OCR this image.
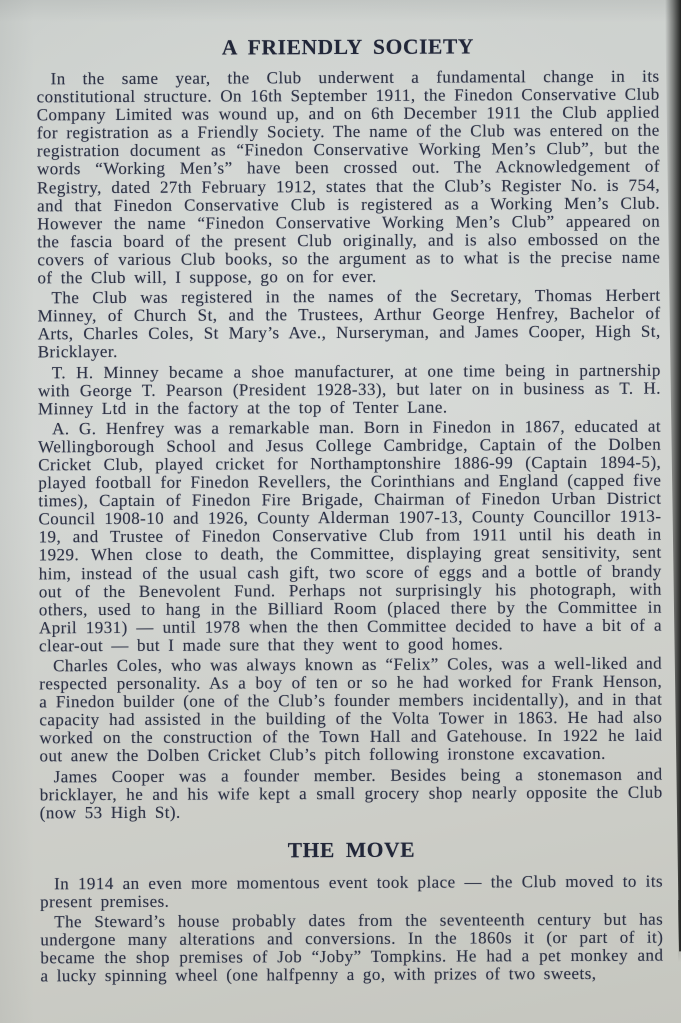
A FRIENDLY SOCIETY

In the same year, the Club underwent a fundamental change in its constitutional structure. On 16th September 1911, the Finedon Conservative Club Company Limited was wound up, and on 6th December 1911 the Club applied for registration as a Friendly Society. The name of the Club was entered on the registration document as “Finedon Conservative Working Men’s Club”, but the words “Working Men’s” have been crossed out. The Acknowledgement of Registry, dated 27th February 1912, states that the Club’s Register No. is 754, and that Finedon Conservative Club is registered as a Working Men’s Club. However the name “Finedon Conservative Working Men’s Club” appeared on the fascia board of the present Club originally, and is also embossed on the covers of various Club books, so the argument as to what is the precise name of the Club will, I suppose, go on for ever.

The Club was registered in the names of the Secretary, Thomas Herbert Minney, of Church St, and the Trustees, Arthur George Henfrey, Bachelor of Arts, Charles Coles, St Mary’s Ave., Nurseryman, and James Cooper, High St, Bricklayer.

T. H. Minney became a shoe manufacturer, at one time being in partnership with George T. Pearson (President 1928-33), but later on in business as T. H. Minney Ltd in the factory at the top of Tenter Lane.

A. G. Henfrey was a remarkable man. Born in Finedon in 1867, educated at Wellingborough School and Jesus College Cambridge, Captain of the Dolben Cricket Club, played cricket for Northamptonshire 1886-99 (Captain 1894-5), played football for Finedon Revellers, the Corinthians and England (capped five times), Captain of Finedon Fire Brigade, Chairman of Finedon Urban District Council 1908-10 and 1926, County Alderman 1907-13, County Councillor 1913-19, and Trustee of Finedon Conservative Club from 1911 until his death in 1929. When close to death, the Committee, displaying great sensitivity, sent him, instead of the usual cash gift, two score of eggs and a bottle of brandy out of the Benevolent Fund. Perhaps not surprisingly his photograph, with others, used to hang in the Billiard Room (placed there by the Committee in April 1931) — until 1978 when the then Committee decided to have a bit of a clear-out — but I made sure that they went to good homes.

Charles Coles, who was always known as “Felix” Coles, was a well-liked and respected personality. As a boy of ten or so he had worked for Frank Henson, a Finedon builder (one of the Club’s founder members incidentally), and in that capacity had assisted in the building of the Volta Tower in 1863. He had also worked on the construction of the Town Hall and Gatehouse. In 1922 he laid out anew the Dolben Cricket Club’s pitch following ironstone excavation.

James Cooper was a founder member. Besides being a stonemason and bricklayer, he and his wife kept a small grocery shop nearly opposite the Club (now 53 High St).

THE MOVE

In 1914 an even more momentous event took place — the Club moved to its present premises.

The Steward’s house probably dates from the seventeenth century but has undergone many alterations and conversions. In the 1860s it (or part of it) became the shop premises of Job “Joby” Tompkins. He had a pet monkey and a lucky spinning wheel (one halfpenny a go, with prizes of two sweets,
